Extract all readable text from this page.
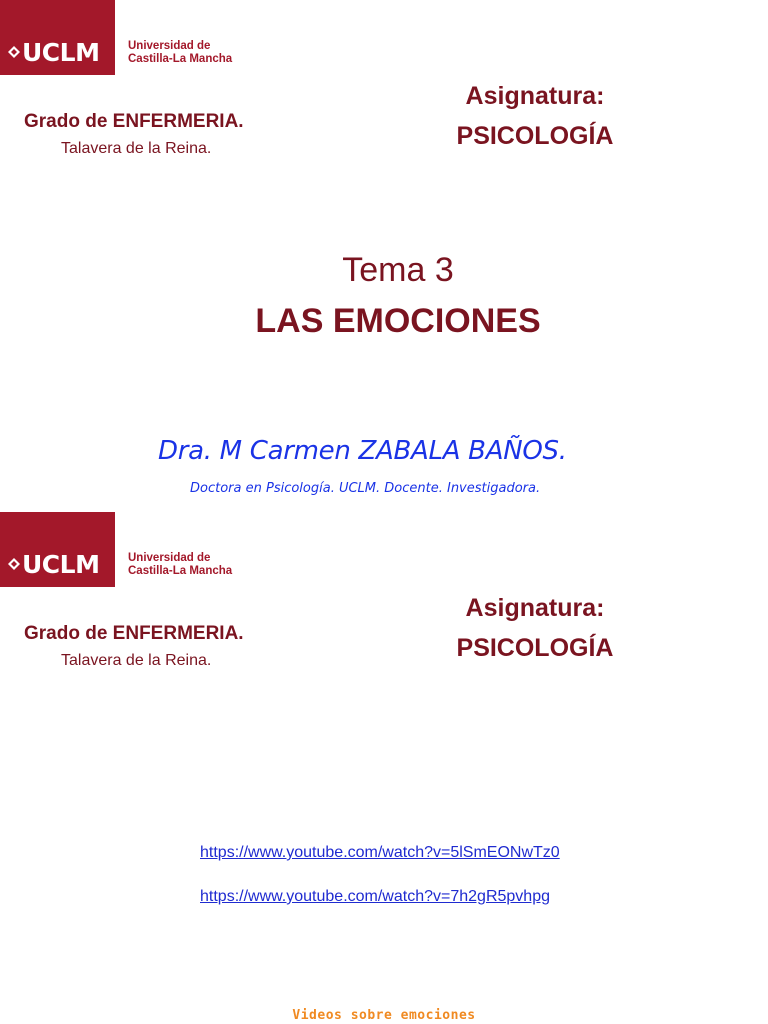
UCLM Universidad de
Castilla-La Mancha
Grado de ENFERMERIA.
Talavera de la Reina.
Asignatura:
PSICOLOGÍA
Tema 3
LAS EMOCIONES
Dra. M Carmen ZABALA BAÑOS.
Doctora en Psicología. UCLM. Docente. Investigadora.
UCLM Universidad de
Castilla-La Mancha
Grado de ENFERMERIA.
Talavera de la Reina.
Asignatura:
PSICOLOGÍA
https://www.youtube.com/watch?v=5lSmEONwTz0
https://www.youtube.com/watch?v=7h2gR5pvhpg
Videos sobre emociones
